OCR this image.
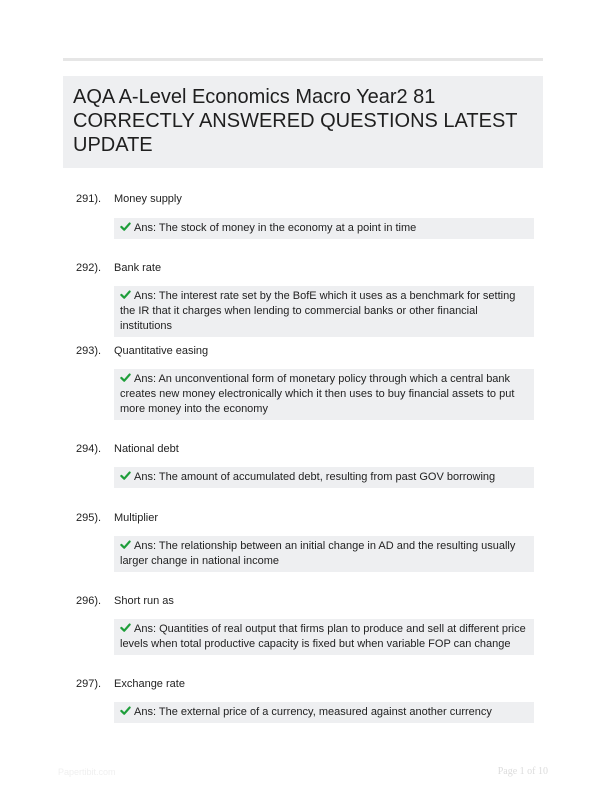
AQA A-Level Economics Macro Year2 81
CORRECTLY ANSWERED QUESTIONS LATEST
UPDATE
291). Money supply
Ans: The stock of money in the economy at a point in time
292). Bank rate
Ans: The interest rate set by the BofE which it uses as a benchmark for setting the IR that it charges when lending to commercial banks or other financial institutions
293). Quantitative easing
Ans: An unconventional form of monetary policy through which a central bank creates new money electronically which it then uses to buy financial assets to put more money into the economy
294). National debt
Ans: The amount of accumulated debt, resulting from past GOV borrowing
295). Multiplier
Ans: The relationship between an initial change in AD and the resulting usually larger change in national income
296). Short run as
Ans: Quantities of real output that firms plan to produce and sell at different price levels when total productive capacity is fixed but when variable FOP can change
297). Exchange rate
Ans: The external price of a currency, measured against another currency
Papertibit.com	Page 1 of 10
